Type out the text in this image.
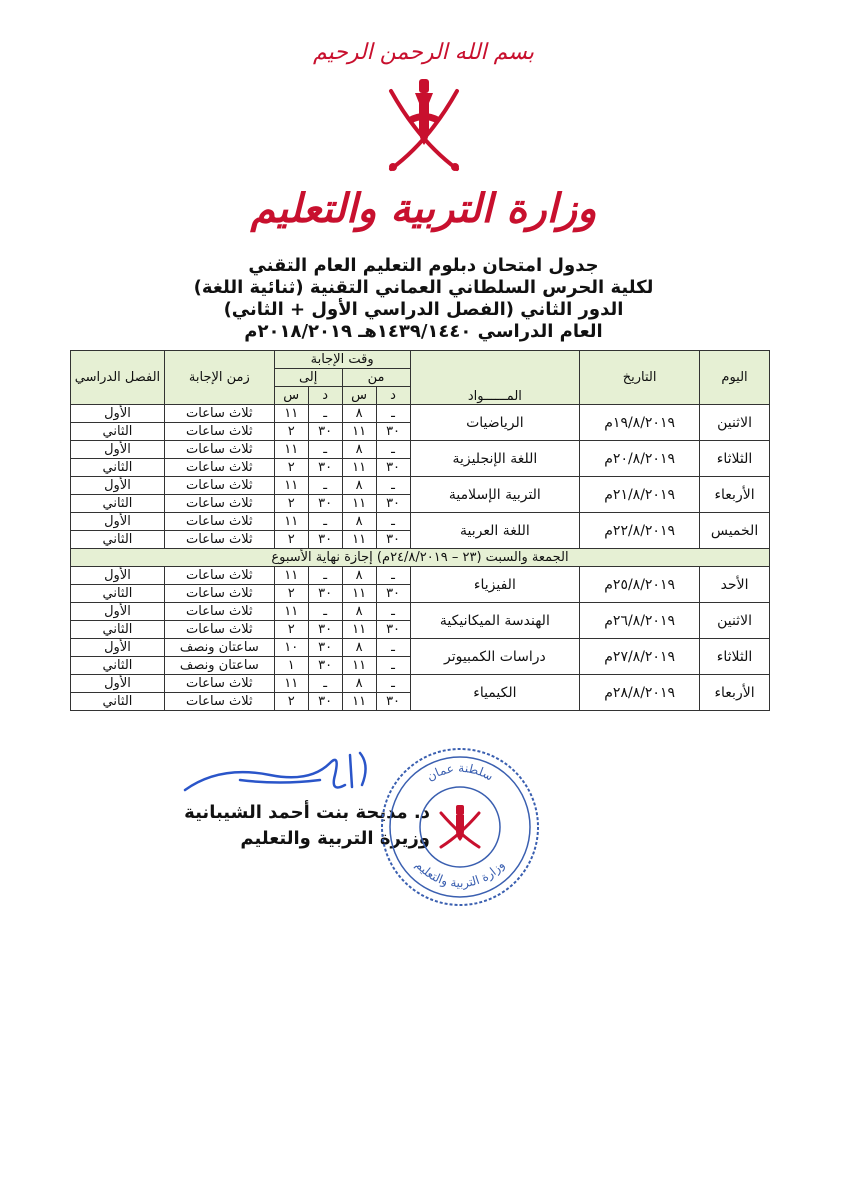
بسم الله الرحمن الرحيم
وزارة التربية والتعليم
جدول امتحان دبلوم التعليم العام التقني
لكلية الحرس السلطاني العماني التقنية (ثنائية اللغة)
الدور الثاني (الفصل الدراسي الأول + الثاني)
العام الدراسي ١٤٣٩/١٤٤٠هـ ٢٠١٨/٢٠١٩م
اليوم	التاريخ	المــــــواد	وقت الإجابة				زمن الإجابة	الفصل الدراسي
			من		إلى			
			د	س	د	س		
الاثنين	١٩/٨/٢٠١٩م	الرياضيات	ـ	٨	ـ	١١	ثلاث ساعات	الأول
			٣٠	١١	٣٠	٢	ثلاث ساعات	الثاني
الثلاثاء	٢٠/٨/٢٠١٩م	اللغة الإنجليزية	ـ	٨	ـ	١١	ثلاث ساعات	الأول
			٣٠	١١	٣٠	٢	ثلاث ساعات	الثاني
الأربعاء	٢١/٨/٢٠١٩م	التربية الإسلامية	ـ	٨	ـ	١١	ثلاث ساعات	الأول
			٣٠	١١	٣٠	٢	ثلاث ساعات	الثاني
الخميس	٢٢/٨/٢٠١٩م	اللغة العربية	ـ	٨	ـ	١١	ثلاث ساعات	الأول
			٣٠	١١	٣٠	٢	ثلاث ساعات	الثاني
الجمعة والسبت (٢٣ – ٢٤/٨/٢٠١٩م) إجازة نهاية الأسبوع								
الأحد	٢٥/٨/٢٠١٩م	الفيزياء	ـ	٨	ـ	١١	ثلاث ساعات	الأول
			٣٠	١١	٣٠	٢	ثلاث ساعات	الثاني
الاثنين	٢٦/٨/٢٠١٩م	الهندسة الميكانيكية	ـ	٨	ـ	١١	ثلاث ساعات	الأول
			٣٠	١١	٣٠	٢	ثلاث ساعات	الثاني
الثلاثاء	٢٧/٨/٢٠١٩م	دراسات الكمبيوتر	ـ	٨	٣٠	١٠	ساعتان ونصف	الأول
			ـ	١١	٣٠	١	ساعتان ونصف	الثاني
الأربعاء	٢٨/٨/٢٠١٩م	الكيمياء	ـ	٨	ـ	١١	ثلاث ساعات	الأول
			٣٠	١١	٣٠	٢	ثلاث ساعات	الثاني
د. مديحة بنت أحمد الشيبانية
وزيرة التربية والتعليم
سلطنة عمان
وزارة التربية والتعليم
